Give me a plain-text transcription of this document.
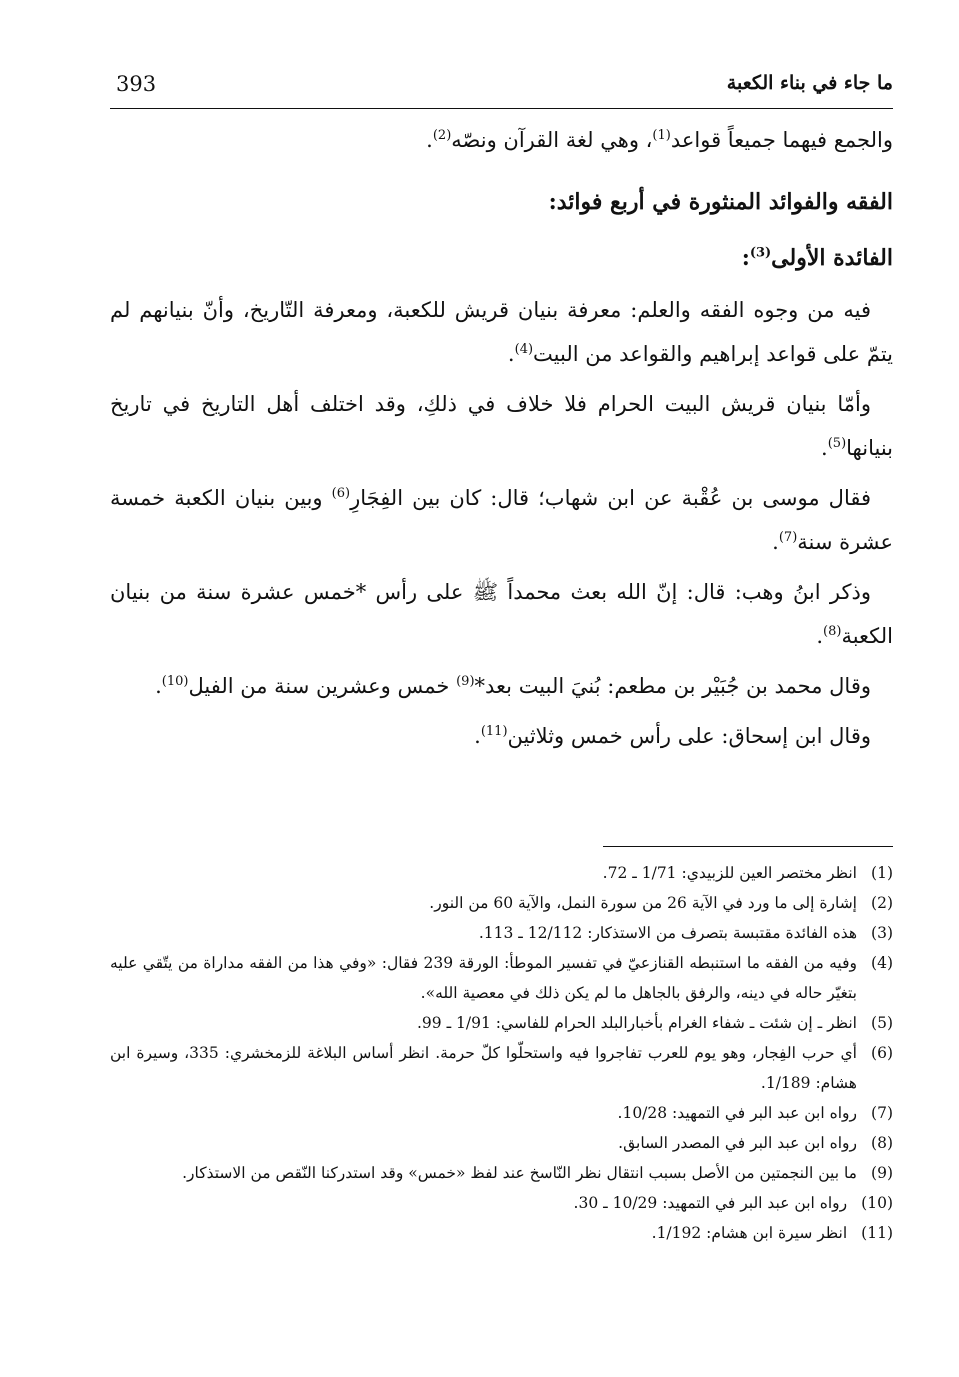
393	ما جاء في بناء الكعبة

والجمع فيهما جميعاً قواعد$^{(1)}$، وهي لغة القرآن ونصّه$^{(2)}$.

الفقه والفوائد المنثورة في أربع فوائد:
الفائدة الأولى$^{(3)}$:

فيه من وجوه الفقه والعلم: معرفة بنيان قريش للكعبة، ومعرفة التّاريخ، وأنّ بنيانهم لم يتمّ على قواعد إبراهيم والقواعد من البيت$^{(4)}$.

وأمّا بنيان قريش البيت الحرام فلا خلاف في ذلكِ، وقد اختلف أهل التاريخ في تاريخ بنيانها$^{(5)}$.

فقال موسى بن عُقْبة عن ابن شهاب؛ قال: كان بين الفِجَارِ$^{(6)}$ وبين بنيان الكعبة خمسة عشرة سنة$^{(7)}$.

وذكر ابنُ وهب: قال: إنّ الله بعث محمداً ﷺ على رأس *خمس عشرة سنة من بنيان الكعبة$^{(8)}$.

وقال محمد بن جُبَيْر بن مطعم: بُنيَ البيت بعد*$^{(9)}$ خمس وعشرين سنة من الفيل$^{(10)}$.

وقال ابن إسحاق: على رأس خمس وثلاثين$^{(11)}$.

(1)
انظر مختصر العين للزبيدي: 1/71 ـ 72.
(2)
إشارة إلى ما ورد في الآية 26 من سورة النمل، والآية 60 من النور.
(3)
هذه الفائدة مقتبسة بتصرف من الاستذكار: 12/112 ـ 113.
(4)
وفيه من الفقه ما استنبطه القنازعيّ في تفسير الموطأ: الورقة 239 فقال: «وفي هذا من الفقه مداراة من يتّقي عليه بتغيّر حاله في دينه، والرفق بالجاهل ما لم يكن ذلك في معصية الله».
(5)
انظر ـ إن شئت ـ شفاء الغرام بأخبارالبلد الحرام للفاسي: 1/91 ـ 99.
(6)
أي حرب الفِجار، وهو يوم للعرب تفاجروا فيه واستحلّوا كلّ حرمة. انظر أساس البلاغة للزمخشري: 335، وسيرة ابن هشام: 1/189.
(7)
رواه ابن عبد البر في التمهيد: 10/28.
(8)
رواه ابن عبد البر في المصدر السابق.
(9)
ما بين النجمتين من الأصل بسبب انتقال نظر النّاسخ عند لفظ «خمس» وقد استدركنا النّقص من الاستذكار.
(10)
رواه ابن عبد البر في التمهيد: 10/29 ـ 30.
(11)
انظر سيرة ابن هشام: 1/192.
